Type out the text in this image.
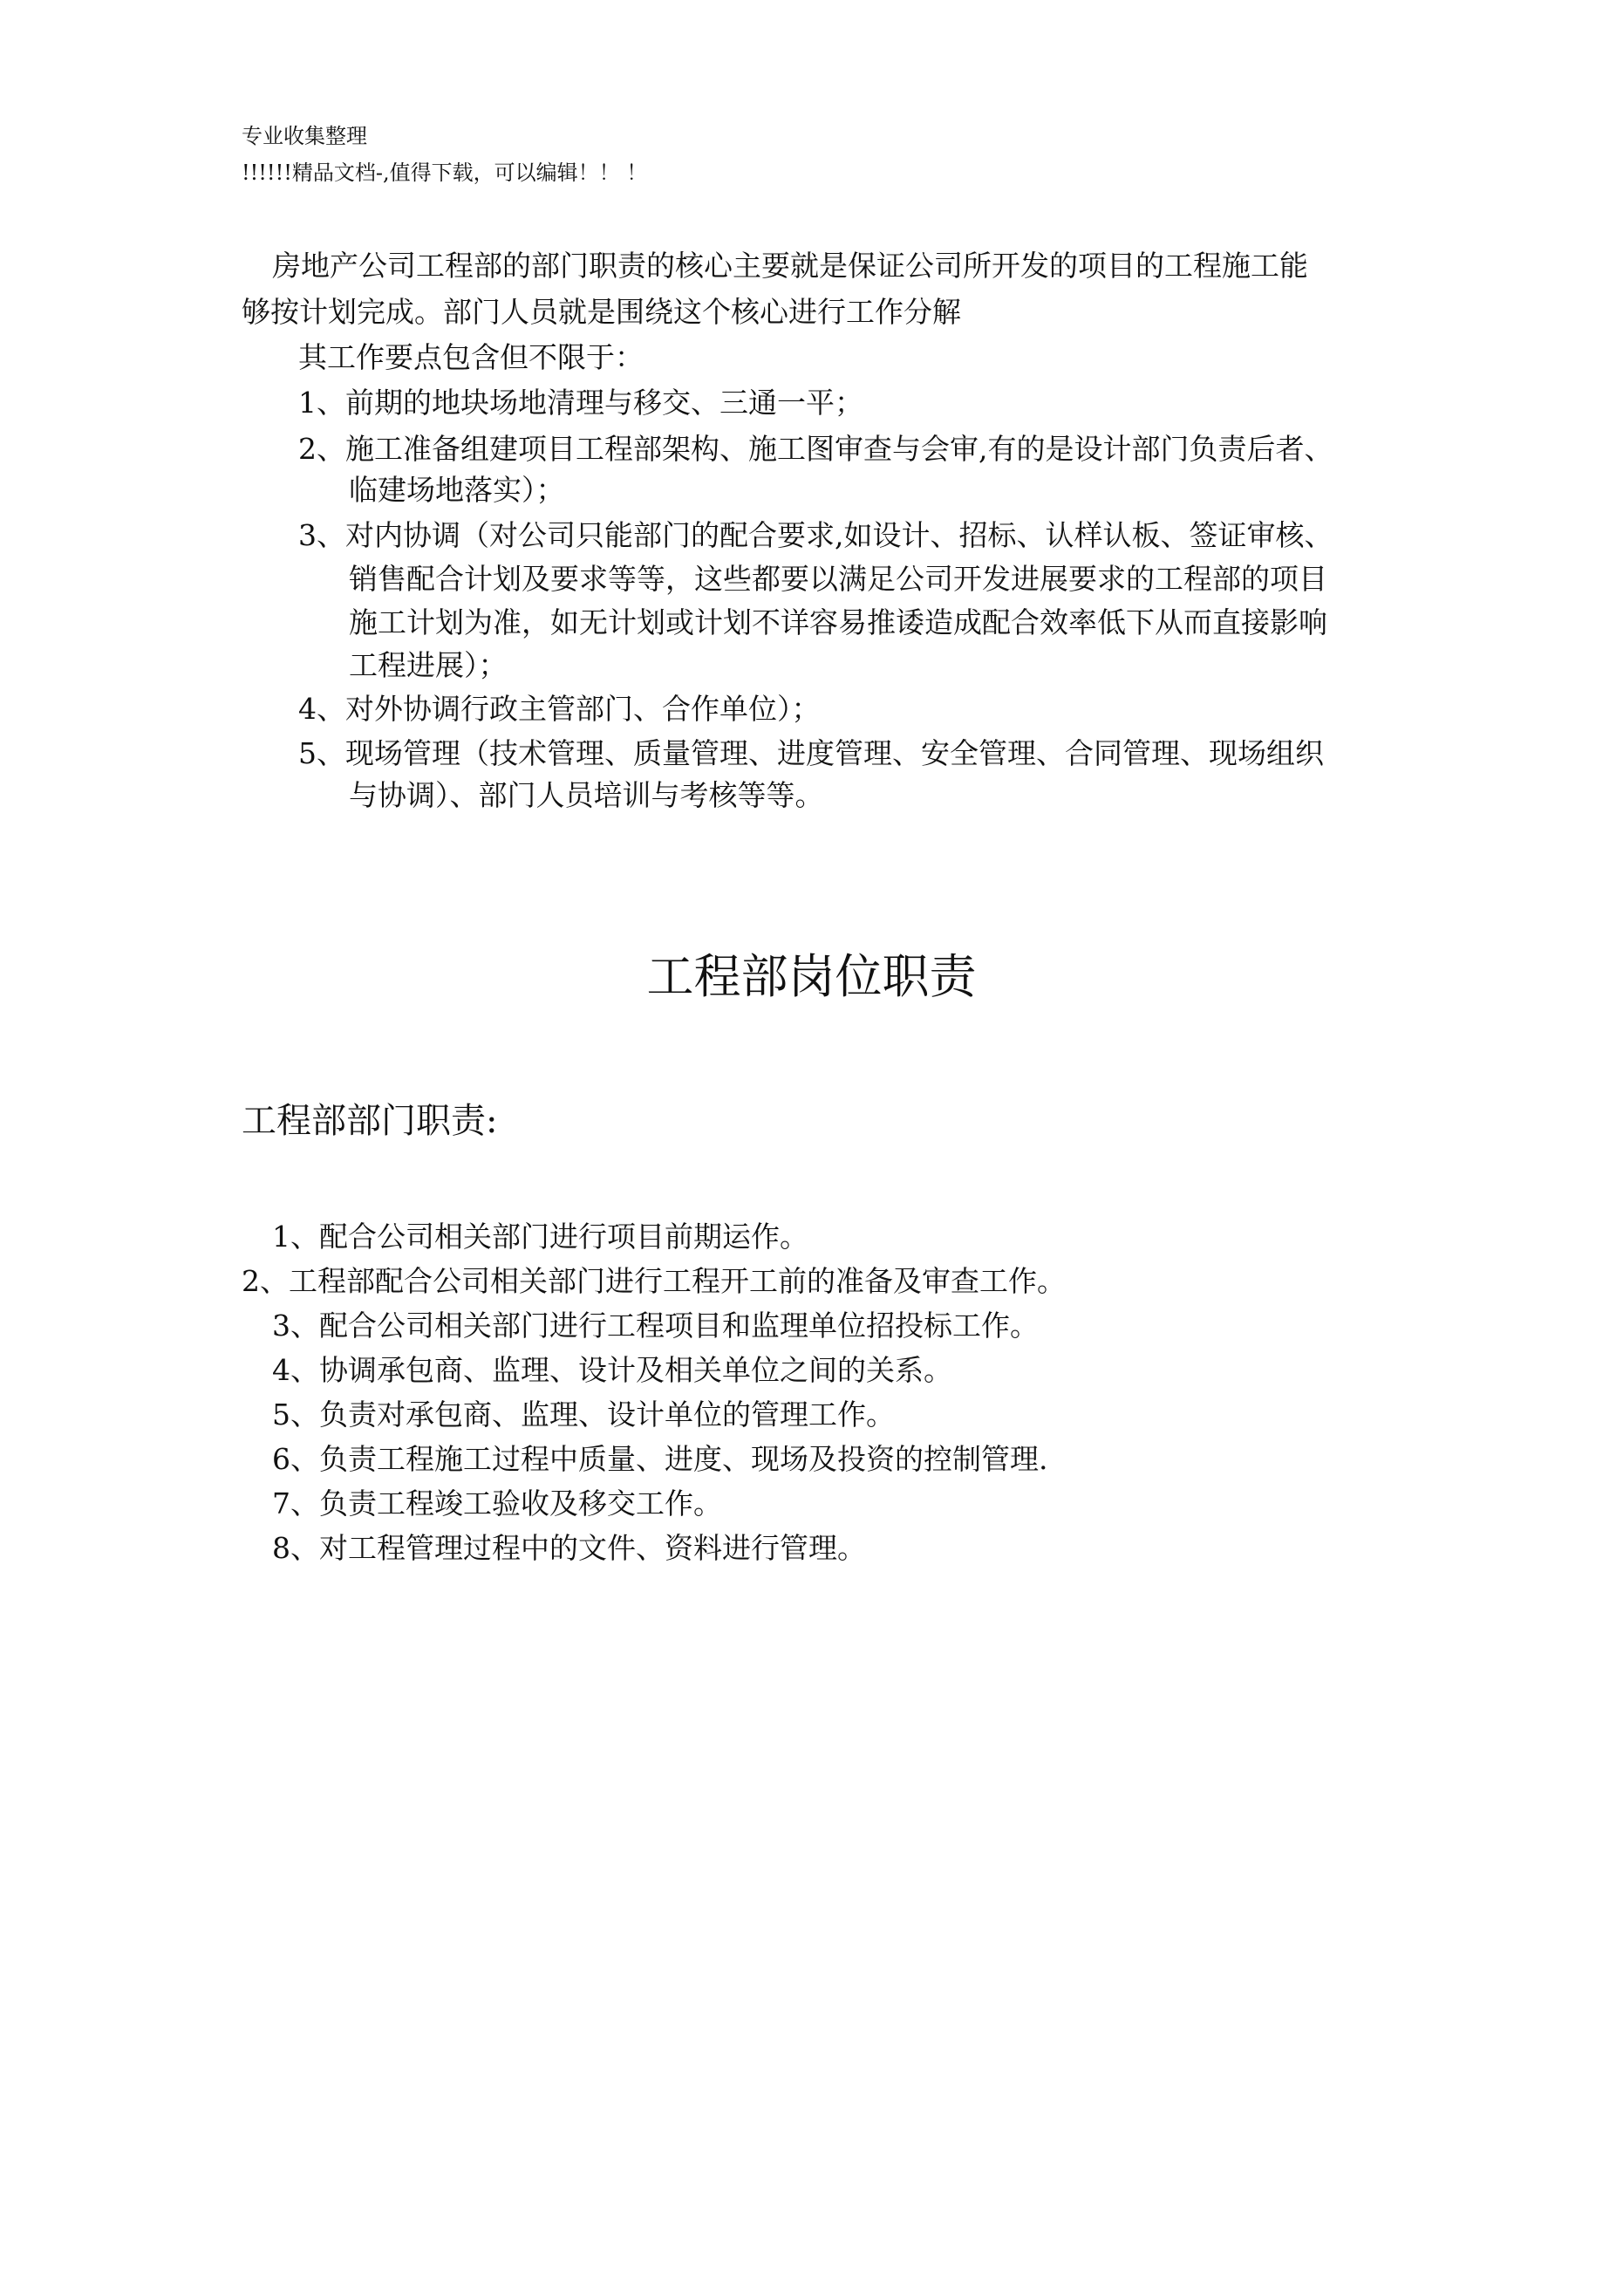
专业收集整理
!!!!!!精品文档-,值得下载，可以编辑！！ ！
房地产公司工程部的部门职责的核心主要就是保证公司所开发的项目的工程施工能
够按计划完成。部门人员就是围绕这个核心进行工作分解
其工作要点包含但不限于：
1、前期的地块场地清理与移交、三通一平；
2、施工准备组建项目工程部架构、施工图审查与会审,有的是设计部门负责后者、
临建场地落实）；
3、对内协调（对公司只能部门的配合要求,如设计、招标、认样认板、签证审核、
销售配合计划及要求等等，这些都要以满足公司开发进展要求的工程部的项目
施工计划为准，如无计划或计划不详容易推诿造成配合效率低下从而直接影响
工程进展）；
4、对外协调行政主管部门、合作单位）；
5、现场管理（技术管理、质量管理、进度管理、安全管理、合同管理、现场组织
与协调）、部门人员培训与考核等等。
工程部岗位职责
工程部部门职责:
1、配合公司相关部门进行项目前期运作。
2、工程部配合公司相关部门进行工程开工前的准备及审查工作。
3、配合公司相关部门进行工程项目和监理单位招投标工作。
4、协调承包商、监理、设计及相关单位之间的关系。
5、负责对承包商、监理、设计单位的管理工作。
6、负责工程施工过程中质量、进度、现场及投资的控制管理.
7、负责工程竣工验收及移交工作。
8、对工程管理过程中的文件、资料进行管理。
